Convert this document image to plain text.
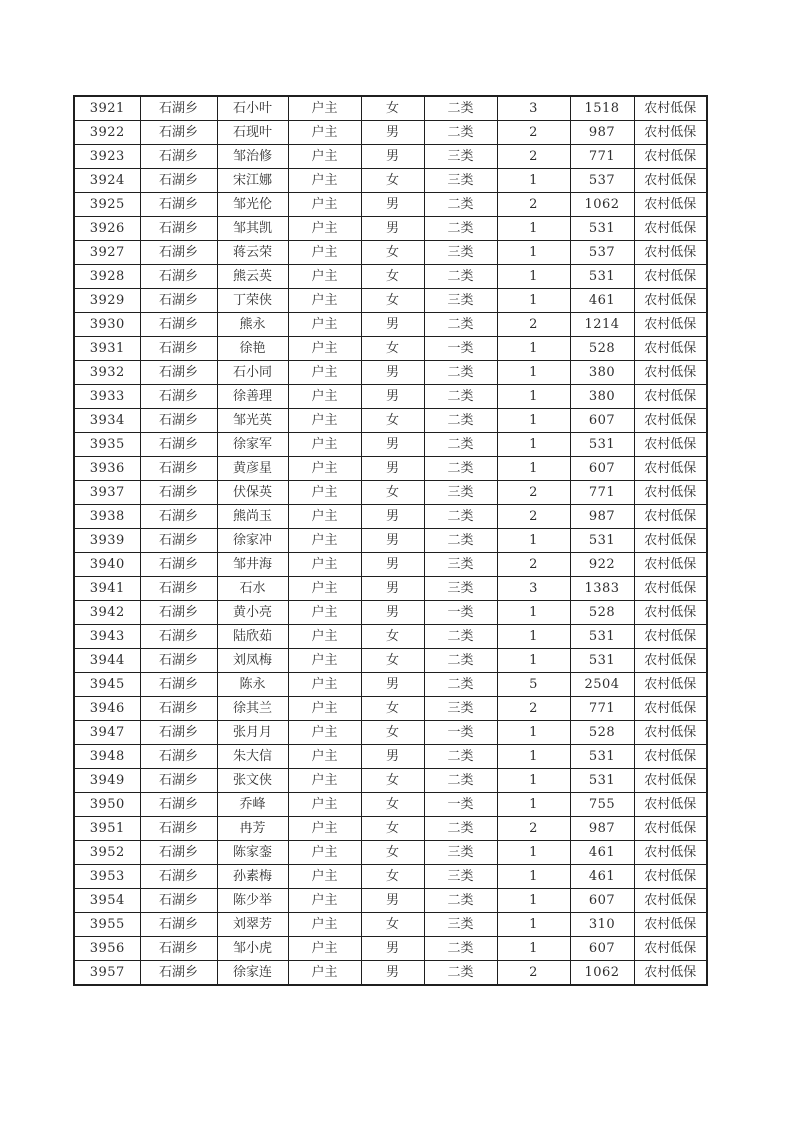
3921	石湖乡	石小叶	户主	女	二类	3	1518	农村低保
3922	石湖乡	石现叶	户主	男	二类	2	987	农村低保
3923	石湖乡	邹治修	户主	男	三类	2	771	农村低保
3924	石湖乡	宋江娜	户主	女	三类	1	537	农村低保
3925	石湖乡	邹光伦	户主	男	二类	2	1062	农村低保
3926	石湖乡	邹其凯	户主	男	二类	1	531	农村低保
3927	石湖乡	蒋云荣	户主	女	三类	1	537	农村低保
3928	石湖乡	熊云英	户主	女	二类	1	531	农村低保
3929	石湖乡	丁荣侠	户主	女	三类	1	461	农村低保
3930	石湖乡	熊永	户主	男	二类	2	1214	农村低保
3931	石湖乡	徐艳	户主	女	一类	1	528	农村低保
3932	石湖乡	石小同	户主	男	二类	1	380	农村低保
3933	石湖乡	徐善理	户主	男	二类	1	380	农村低保
3934	石湖乡	邹光英	户主	女	二类	1	607	农村低保
3935	石湖乡	徐家军	户主	男	二类	1	531	农村低保
3936	石湖乡	黄彦星	户主	男	二类	1	607	农村低保
3937	石湖乡	伏保英	户主	女	三类	2	771	农村低保
3938	石湖乡	熊尚玉	户主	男	二类	2	987	农村低保
3939	石湖乡	徐家冲	户主	男	二类	1	531	农村低保
3940	石湖乡	邹井海	户主	男	三类	2	922	农村低保
3941	石湖乡	石水	户主	男	三类	3	1383	农村低保
3942	石湖乡	黄小亮	户主	男	一类	1	528	农村低保
3943	石湖乡	陆欣茹	户主	女	二类	1	531	农村低保
3944	石湖乡	刘凤梅	户主	女	二类	1	531	农村低保
3945	石湖乡	陈永	户主	男	二类	5	2504	农村低保
3946	石湖乡	徐其兰	户主	女	三类	2	771	农村低保
3947	石湖乡	张月月	户主	女	一类	1	528	农村低保
3948	石湖乡	朱大信	户主	男	二类	1	531	农村低保
3949	石湖乡	张文侠	户主	女	二类	1	531	农村低保
3950	石湖乡	乔峰	户主	女	一类	1	755	农村低保
3951	石湖乡	冉芳	户主	女	二类	2	987	农村低保
3952	石湖乡	陈家銮	户主	女	三类	1	461	农村低保
3953	石湖乡	孙素梅	户主	女	三类	1	461	农村低保
3954	石湖乡	陈少举	户主	男	二类	1	607	农村低保
3955	石湖乡	刘翠芳	户主	女	三类	1	310	农村低保
3956	石湖乡	邹小虎	户主	男	二类	1	607	农村低保
3957	石湖乡	徐家连	户主	男	二类	2	1062	农村低保
